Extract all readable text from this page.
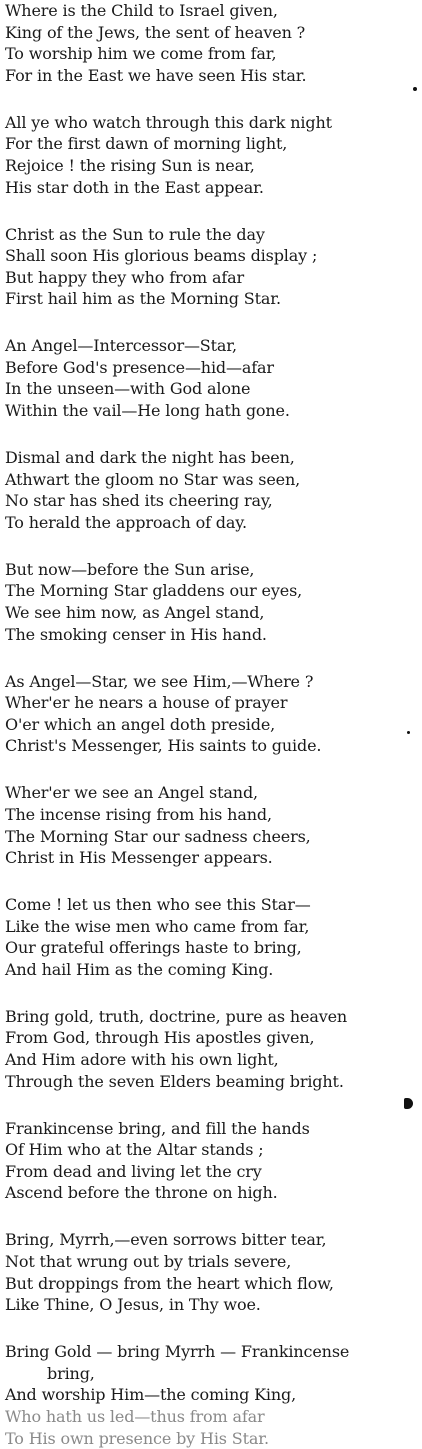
Where is the Child to Israel given,
King of the Jews, the sent of heaven ?
To worship him we come from far,
For in the East we have seen His star.
All ye who watch through this dark night
For the first dawn of morning light,
Rejoice ! the rising Sun is near,
His star doth in the East appear.
Christ as the Sun to rule the day
Shall soon His glorious beams display ;
But happy they who from afar
First hail him as the Morning Star.
An Angel—Intercessor—Star,
Before God's presence—hid—afar
In the unseen—with God alone
Within the vail—He long hath gone.
Dismal and dark the night has been,
Athwart the gloom no Star was seen,
No star has shed its cheering ray,
To herald the approach of day.
But now—before the Sun arise,
The Morning Star gladdens our eyes,
We see him now, as Angel stand,
The smoking censer in His hand.
As Angel—Star, we see Him,—Where ?
Wher'er he nears a house of prayer
O'er which an angel doth preside,
Christ's Messenger, His saints to guide.
Wher'er we see an Angel stand,
The incense rising from his hand,
The Morning Star our sadness cheers,
Christ in His Messenger appears.
Come ! let us then who see this Star—
Like the wise men who came from far,
Our grateful offerings haste to bring,
And hail Him as the coming King.
Bring gold, truth, doctrine, pure as heaven
From God, through His apostles given,
And Him adore with his own light,
Through the seven Elders beaming bright.
Frankincense bring, and fill the hands
Of Him who at the Altar stands ;
From dead and living let the cry
Ascend before the throne on high.
Bring, Myrrh,—even sorrows bitter tear,
Not that wrung out by trials severe,
But droppings from the heart which flow,
Like Thine, O Jesus, in Thy woe.
Bring Gold — bring Myrrh — Frankincense
bring,
And worship Him—the coming King,
Who hath us led—thus from afar
To His own presence by His Star.
